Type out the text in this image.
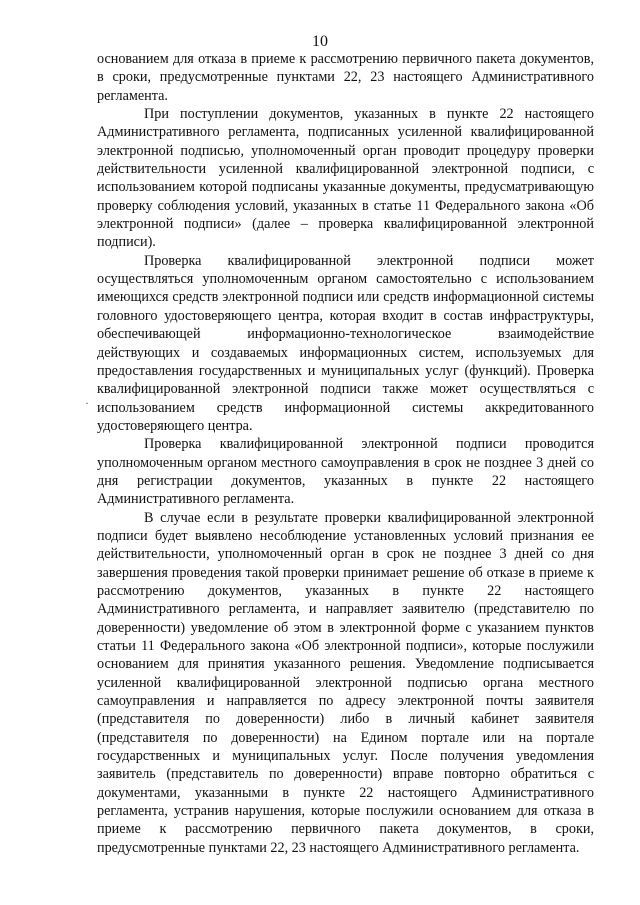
10
·

основанием для отказа в приеме к рассмотрению первичного пакета документов, в сроки, предусмотренные пунктами 22, 23 настоящего Административного регламента.

При поступлении документов, указанных в пункте 22 настоящего Административного регламента, подписанных усиленной квалифицированной электронной подписью, уполномоченный орган проводит процедуру проверки действительности усиленной квалифицированной электронной подписи, с использованием которой подписаны указанные документы, предусматривающую проверку соблюдения условий, указанных в статье 11 Федерального закона «Об электронной подписи» (далее – проверка квалифицированной электронной подписи).

Проверка квалифицированной электронной подписи может осуществляться уполномоченным органом самостоятельно с использованием имеющихся средств электронной подписи или средств информационной системы головного удостоверяющего центра, которая входит в состав инфраструктуры, обеспечивающей информационно-технологическое взаимодействие действующих и создаваемых информационных систем, используемых для предоставления государственных и муниципальных услуг (функций). Проверка квалифицированной электронной подписи также может осуществляться с использованием средств информационной системы аккредитованного удостоверяющего центра.

Проверка квалифицированной электронной подписи проводится уполномоченным органом местного самоуправления в срок не позднее 3 дней со дня регистрации документов, указанных в пункте 22 настоящего Административного регламента.

В случае если в результате проверки квалифицированной электронной подписи будет выявлено несоблюдение установленных условий признания ее действительности, уполномоченный орган в срок не позднее 3 дней со дня завершения проведения такой проверки принимает решение об отказе в приеме к рассмотрению документов, указанных в пункте 22 настоящего Административного регламента, и направляет заявителю (представителю по доверенности) уведомление об этом в электронной форме с указанием пунктов статьи 11 Федерального закона «Об электронной подписи», которые послужили основанием для принятия указанного решения. Уведомление подписывается усиленной квалифицированной электронной подписью органа местного самоуправления и направляется по адресу электронной почты заявителя (представителя по доверенности) либо в личный кабинет заявителя (представителя по доверенности) на Едином портале или на портале государственных и муниципальных услуг. После получения уведомления заявитель (представитель по доверенности) вправе повторно обратиться с документами, указанными в пункте 22 настоящего Административного регламента, устранив нарушения, которые послужили основанием для отказа в приеме к рассмотрению первичного пакета документов, в сроки, предусмотренные пунктами 22, 23 настоящего Административного регламента.
